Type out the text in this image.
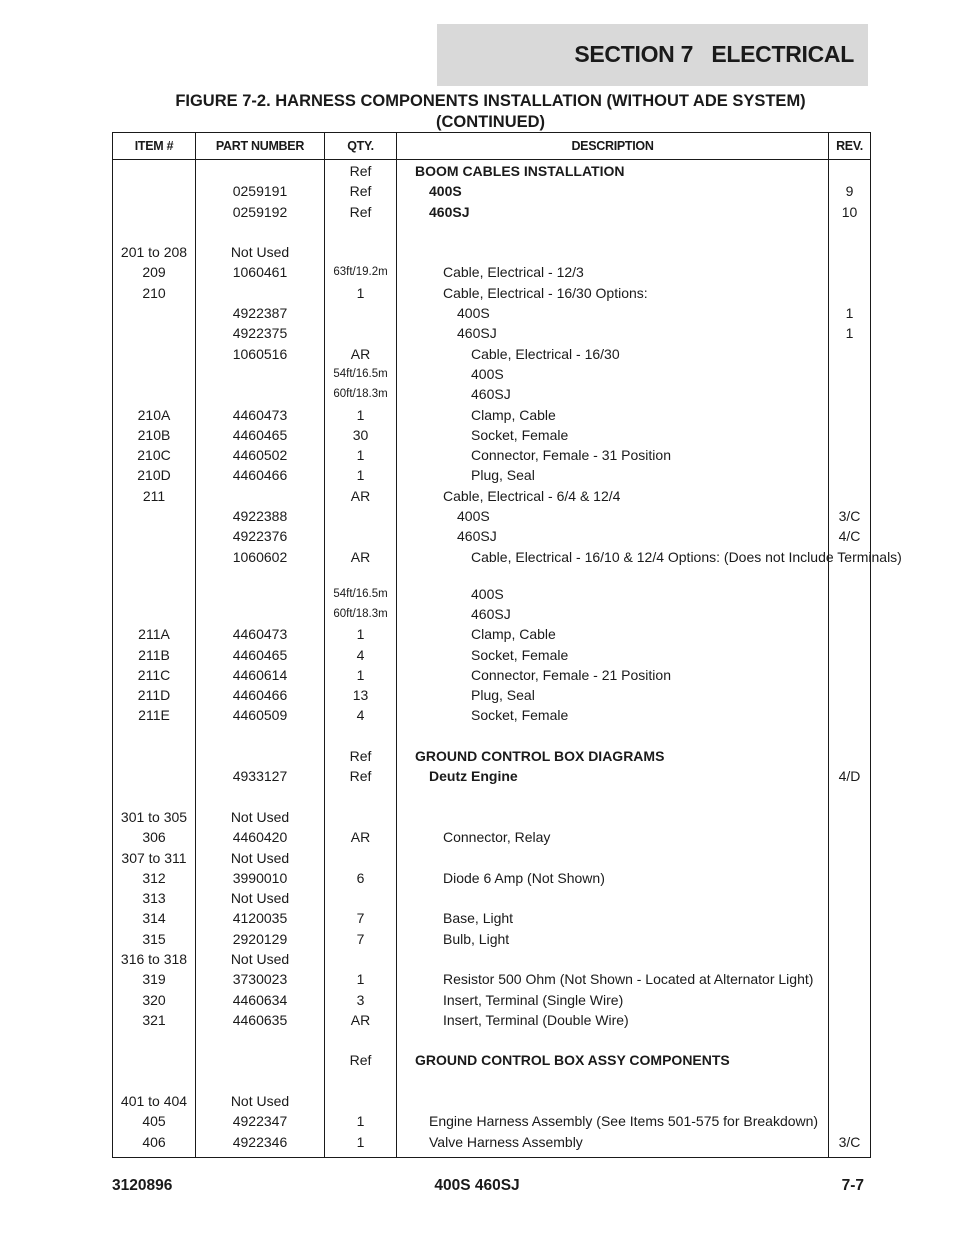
SECTION 7   ELECTRICAL
FIGURE 7-2. HARNESS COMPONENTS INSTALLATION (WITHOUT ADE SYSTEM)
(CONTINUED)
ITEM #	PART NUMBER	QTY.	DESCRIPTION	REV.
		Ref	BOOM CABLES INSTALLATION	
	0259191	Ref	400S	9
	0259192	Ref	460SJ	10

201 to 208	Not Used			
209	1060461	63ft/19.2m	Cable, Electrical - 12/3	
210		1	Cable, Electrical - 16/30 Options:	
	4922387		400S	1
	4922375		460SJ	1
	1060516	AR	Cable, Electrical - 16/30	
		54ft/16.5m	400S	
		60ft/18.3m	460SJ	
210A	4460473	1	Clamp, Cable	
210B	4460465	30	Socket, Female	
210C	4460502	1	Connector, Female - 31 Position	
210D	4460466	1	Plug, Seal	
211		AR	Cable, Electrical - 6/4 & 12/4	
	4922388		400S	3/C
	4922376		460SJ	4/C
	1060602	AR	Cable, Electrical - 16/10 & 12/4 Options: (Does not Include Terminals)	
		54ft/16.5m	400S	
		60ft/18.3m	460SJ	
211A	4460473	1	Clamp, Cable	
211B	4460465	4	Socket, Female	
211C	4460614	1	Connector, Female - 21 Position	
211D	4460466	13	Plug, Seal	
211E	4460509	4	Socket, Female	

		Ref	GROUND CONTROL BOX DIAGRAMS	
	4933127	Ref	Deutz Engine	4/D

301 to 305	Not Used			
306	4460420	AR	Connector, Relay	
307 to 311	Not Used			
312	3990010	6	Diode 6 Amp (Not Shown)	
313	Not Used			
314	4120035	7	Base, Light	
315	2920129	7	Bulb, Light	
316 to 318	Not Used			
319	3730023	1	Resistor 500 Ohm (Not Shown - Located at Alternator Light)	
320	4460634	3	Insert, Terminal (Single Wire)	
321	4460635	AR	Insert, Terminal (Double Wire)	

		Ref	GROUND CONTROL BOX ASSY COMPONENTS	

401 to 404	Not Used			
405	4922347	1	Engine Harness Assembly (See Items 501-575 for Breakdown)	
406	4922346	1	Valve Harness Assembly	3/C
3120896	400S 460SJ	7-7
